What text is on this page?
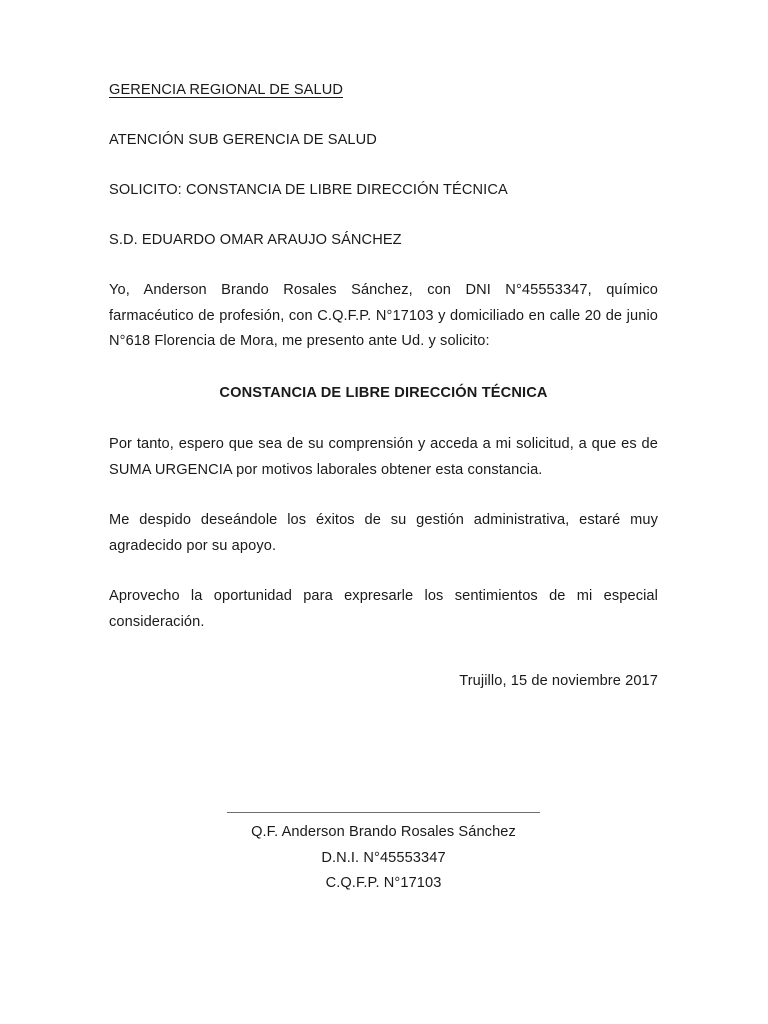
GERENCIA REGIONAL DE SALUD
ATENCIÓN SUB GERENCIA DE SALUD
SOLICITO: CONSTANCIA DE LIBRE DIRECCIÓN TÉCNICA
S.D. EDUARDO OMAR ARAUJO SÁNCHEZ

Yo, Anderson Brando Rosales Sánchez, con DNI N°45553347, químico farmacéutico de profesión, con C.Q.F.P. N°17103 y domiciliado en calle 20 de junio N°618 Florencia de Mora, me presento ante Ud. y solicito:

CONSTANCIA DE LIBRE DIRECCIÓN TÉCNICA

Por tanto, espero que sea de su comprensión y acceda a mi solicitud, a que es de SUMA URGENCIA por motivos laborales obtener esta constancia.

Me despido deseándole los éxitos de su gestión administrativa, estaré muy agradecido por su apoyo.

Aprovecho la oportunidad para expresarle los sentimientos de mi especial consideración.

Trujillo, 15 de noviembre 2017

Q.F. Anderson Brando Rosales Sánchez
D.N.I. N°45553347
C.Q.F.P. N°17103
